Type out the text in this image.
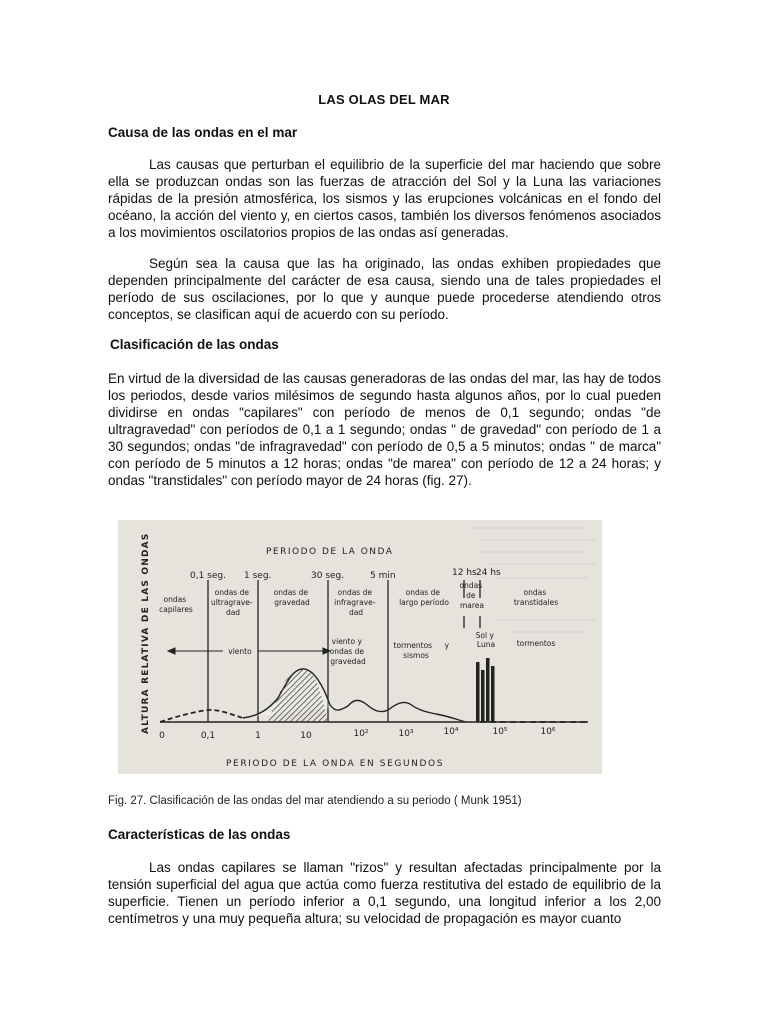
LAS OLAS DEL MAR
Causa de las ondas en el mar

Las causas que perturban el equilibrio de la superficie del mar haciendo que sobre ella se produzcan ondas son las fuerzas de atracción del Sol y la Luna las variaciones rápidas de la presión atmosférica, los sismos y las erupciones volcánicas en el fondo del océano, la acción del viento y, en ciertos casos, también los diversos fenómenos asociados a los movimientos oscilatorios propios de las ondas así generadas.

Según sea la causa que las ha originado, las ondas exhiben propiedades que dependen principalmente del carácter de esa causa, siendo una de tales propiedades el período de sus oscilaciones, por lo que y aunque puede procederse atendiendo otros conceptos, se clasifican aquí de acuerdo con su período.

Clasificación de las ondas

En virtud de la diversidad de las causas generadoras de las ondas del mar, las hay de todos los periodos, desde varios milésimos de segundo hasta algunos años, por lo cual pueden dividirse en ondas "capilares" con período de menos de 0,1 segundo; ondas "de ultragravedad" con períodos de 0,1 a 1 segundo; ondas " de gravedad" con período de 1 a 30 segundos; ondas "de infragravedad" con período de 0,5 a 5 minutos; ondas " de marca" con período de 5 minutos a 12 horas; ondas "de marea" con período de 12 a 24 horas; y ondas "transtidales" con período mayor de 24 horas (fig. 27).

ALTURA RELATIVA DE LAS ONDAS	PERIODO DE LA ONDA
0,1 seg. 1 seg.	30 seg.	5 min	12 hs 24 hs
ondas capilares
ondas de ultragrave- dad
ondas de gravedad
ondas de infragrave- dad
ondas de largo período
ondas de marea
ondas transtidales
viento
viento y ondas de gravedad
tormentos y sismos
Sol y Luna	tormentos
0	0,1	1	10	10²	10³	10⁴	10⁵	10⁶
PERIODO DE LA ONDA EN SEGUNDOS
Fig. 27. Clasificación de las ondas del mar atendiendo a su periodo ( Munk 1951)
Características de las ondas

Las ondas capilares se llaman "rizos" y resultan afectadas principalmente por la tensión superficial del agua que actúa como fuerza restitutiva del estado de equilibrio de la superficie. Tienen un período inferior a 0,1 segundo, una longitud inferior a los 2,00 centímetros y una muy pequeña altura; su velocidad de propagación es mayor cuanto
